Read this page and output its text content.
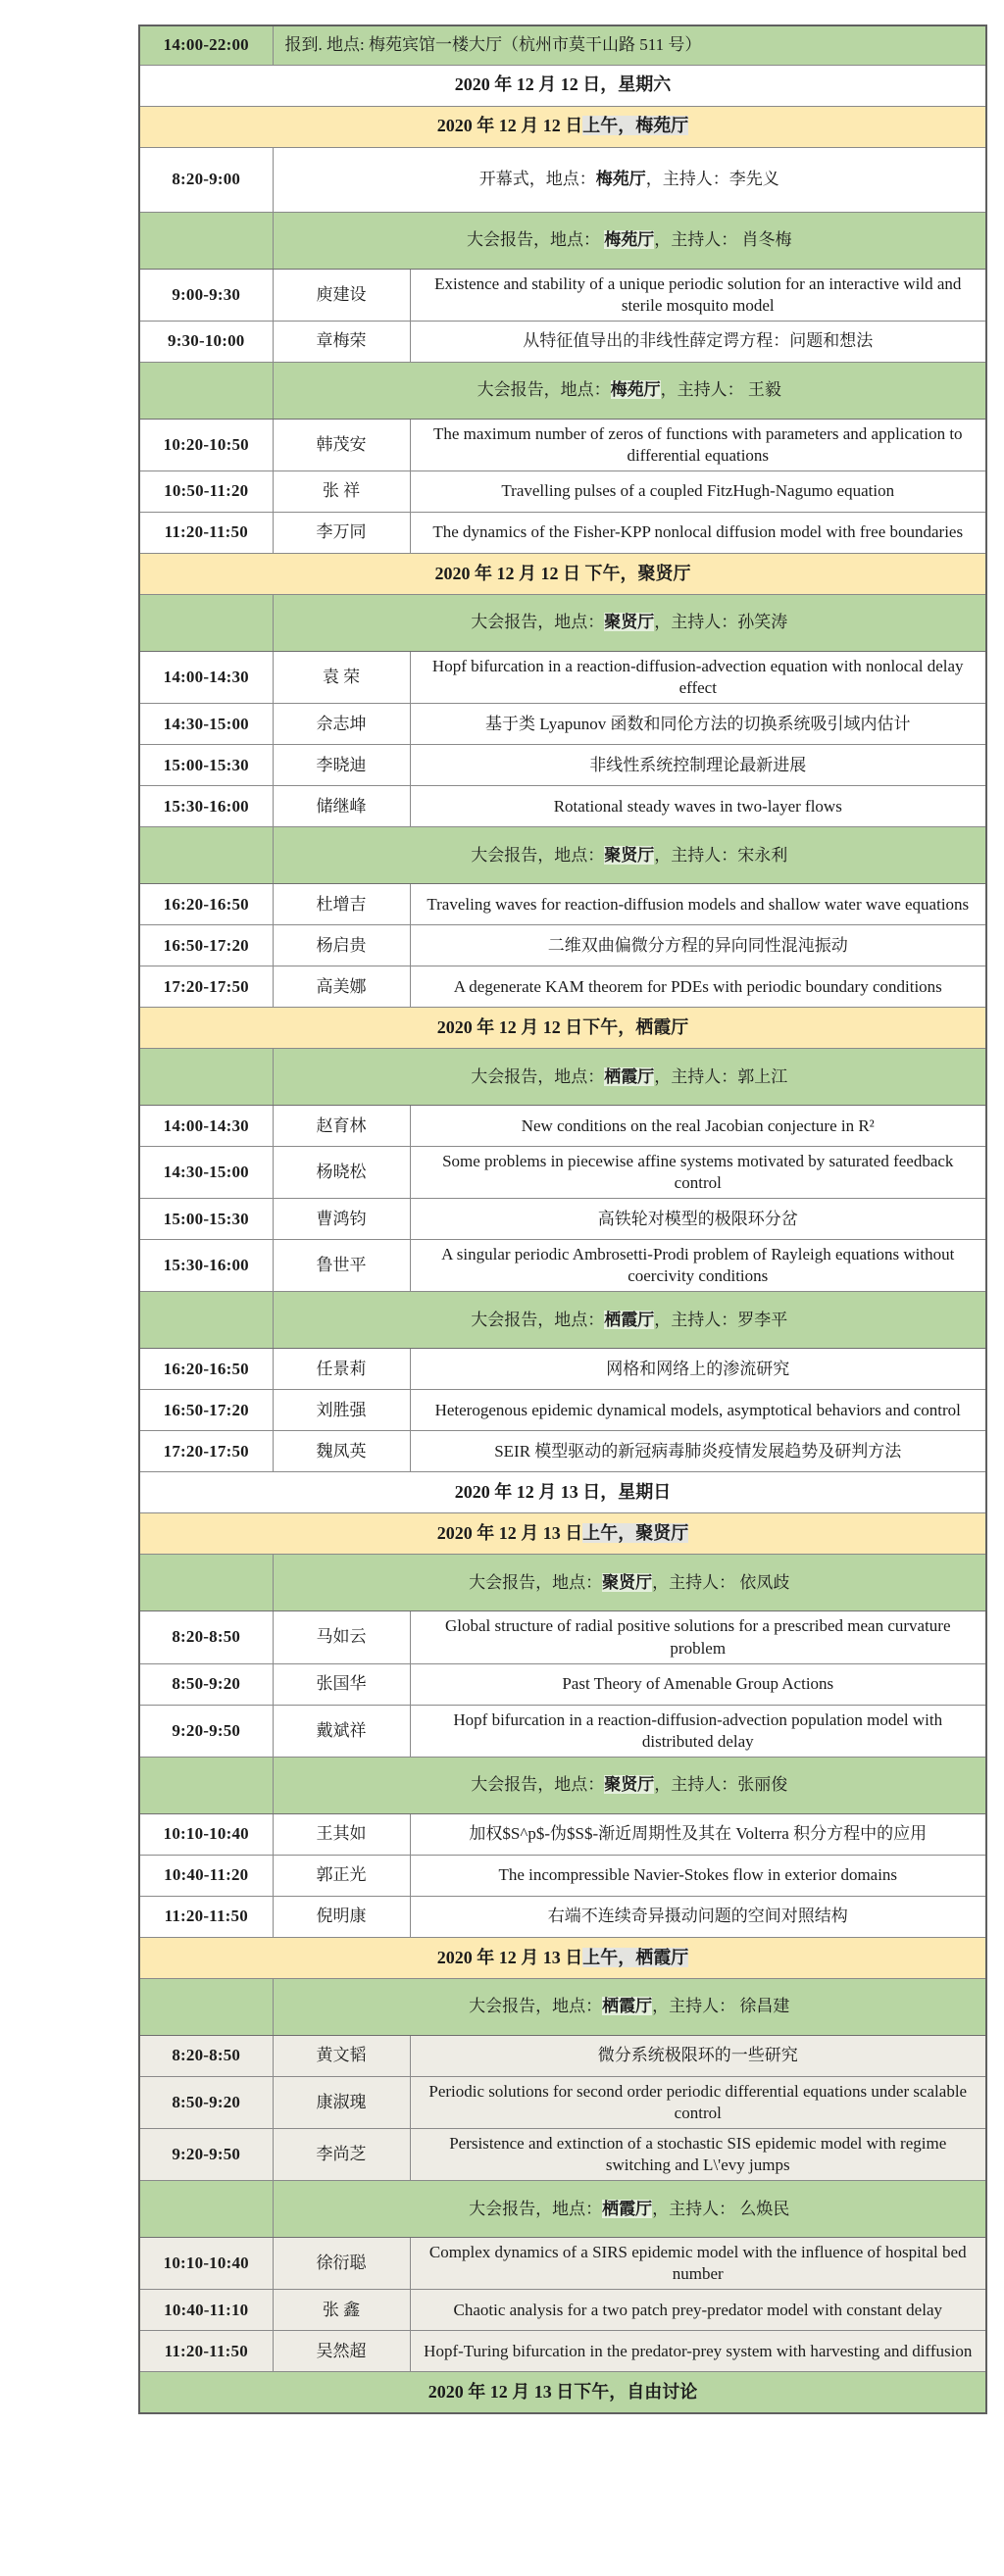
14:00-22:00	报到. 地点: 梅苑宾馆一楼大厅（杭州市莫干山路 511 号）	
2020 年 12 月 12 日，星期六		
2020 年 12 月 12 日上午，梅苑厅		
8:20-9:00	开幕式，地点：梅苑厅，主持人：李先义	
	大会报告，地点： 梅苑厅，主持人： 肖冬梅	
9:00-9:30	庾建设	Existence and stability of a unique periodic solution for an interactive wild and sterile mosquito model
9:30-10:00	章梅荣	从特征值导出的非线性薛定谔方程：问题和想法
	大会报告，地点：梅苑厅，主持人： 王毅	
10:20-10:50	韩茂安	The maximum number of zeros of functions with parameters and application to differential equations
10:50-11:20	张 祥	Travelling pulses of a coupled FitzHugh-Nagumo equation
11:20-11:50	李万同	The dynamics of the Fisher-KPP nonlocal diffusion model with free boundaries
2020 年 12 月 12 日 下午，聚贤厅		
	大会报告，地点：聚贤厅，主持人：孙笑涛	
14:00-14:30	袁 荣	Hopf bifurcation in a reaction-diffusion-advection equation with nonlocal delay effect
14:30-15:00	佘志坤	基于类 Lyapunov 函数和同伦方法的切换系统吸引域内估计
15:00-15:30	李晓迪	非线性系统控制理论最新进展
15:30-16:00	储继峰	Rotational steady waves in two-layer flows
	大会报告，地点：聚贤厅，主持人：宋永利	
16:20-16:50	杜增吉	Traveling waves for reaction-diffusion models and shallow water wave equations
16:50-17:20	杨启贵	二维双曲偏微分方程的异向同性混沌振动
17:20-17:50	高美娜	A degenerate KAM theorem for PDEs with periodic boundary conditions
2020 年 12 月 12 日下午，栖霞厅		
	大会报告，地点：栖霞厅，主持人：郭上江	
14:00-14:30	赵育林	New conditions on the real Jacobian conjecture in R²
14:30-15:00	杨晓松	Some problems in piecewise affine systems motivated by saturated feedback control
15:00-15:30	曹鸿钧	高铁轮对模型的极限环分岔
15:30-16:00	鲁世平	A singular periodic Ambrosetti-Prodi problem of Rayleigh equations without coercivity conditions
	大会报告，地点：栖霞厅，主持人：罗李平	
16:20-16:50	任景莉	网格和网络上的渗流研究
16:50-17:20	刘胜强	Heterogenous epidemic dynamical models, asymptotical behaviors and control
17:20-17:50	魏凤英	SEIR 模型驱动的新冠病毒肺炎疫情发展趋势及研判方法
2020 年 12 月 13 日，星期日		
2020 年 12 月 13 日上午，聚贤厅		
	大会报告，地点：聚贤厅，主持人： 依凤歧	
8:20-8:50	马如云	Global structure of radial positive solutions for a prescribed mean curvature problem
8:50-9:20	张国华	Past Theory of Amenable Group Actions
9:20-9:50	戴斌祥	Hopf bifurcation in a reaction-diffusion-advection population model with distributed delay
	大会报告，地点：聚贤厅，主持人：张丽俊	
10:10-10:40	王其如	加权$S^p$-伪$S$-渐近周期性及其在 Volterra 积分方程中的应用
10:40-11:20	郭正光	The incompressible Navier-Stokes flow in exterior domains
11:20-11:50	倪明康	右端不连续奇异摄动问题的空间对照结构
2020 年 12 月 13 日上午，栖霞厅		
	大会报告，地点：栖霞厅，主持人： 徐昌建	
8:20-8:50	黄文韬	微分系统极限环的一些研究
8:50-9:20	康淑瑰	Periodic solutions for second order periodic differential equations under scalable control
9:20-9:50	李尚芝	Persistence and extinction of a stochastic SIS epidemic model with regime switching and L\'evy jumps
	大会报告，地点：栖霞厅，主持人： 么焕民	
10:10-10:40	徐衍聪	Complex dynamics of a SIRS epidemic model with the influence of hospital bed number
10:40-11:10	张 鑫	Chaotic analysis for a two patch prey-predator model with constant delay
11:20-11:50	吴然超	Hopf-Turing bifurcation in the predator-prey system with harvesting and diffusion
2020 年 12 月 13 日下午，自由讨论		
